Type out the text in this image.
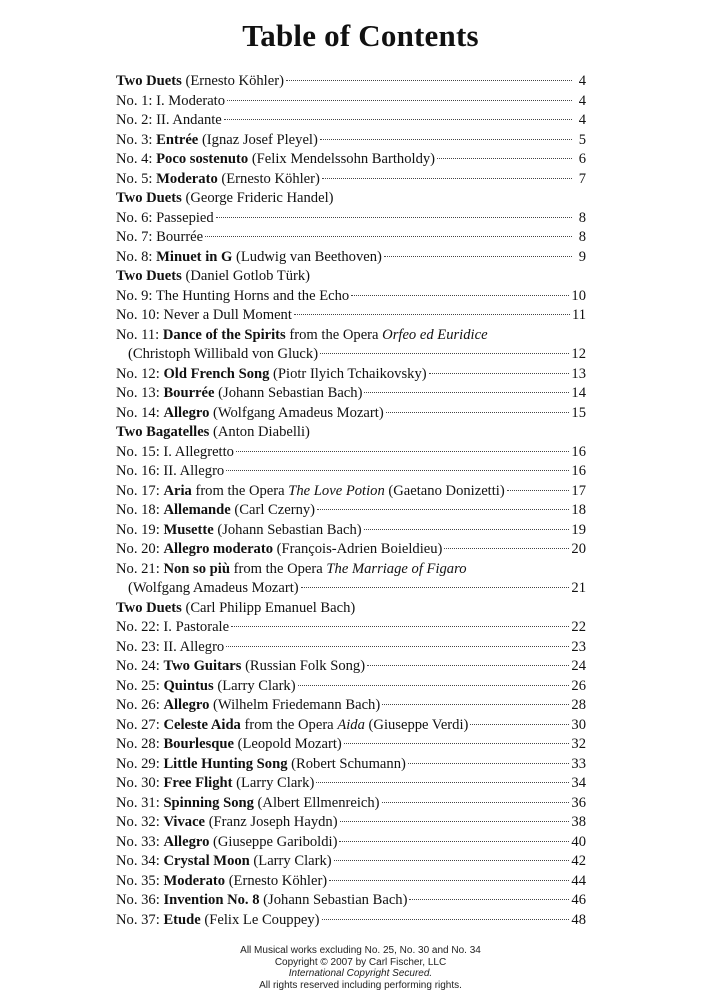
Table of Contents
Two Duets (Ernesto Köhler)	4
No. 1: I. Moderato	4
No. 2: II. Andante	4
No. 3: Entrée (Ignaz Josef Pleyel)	5
No. 4: Poco sostenuto (Felix Mendelssohn Bartholdy)	6
No. 5: Moderato (Ernesto Köhler)	7
Two Duets (George Frideric Handel)
No. 6: Passepied	8
No. 7: Bourrée	8
No. 8: Minuet in G (Ludwig van Beethoven)	9
Two Duets (Daniel Gotlob Türk)
No. 9: The Hunting Horns and the Echo	10
No. 10: Never a Dull Moment	11
No. 11: Dance of the Spirits from the Opera Orfeo ed Euridice
(Christoph Willibald von Gluck)	12
No. 12: Old French Song (Piotr Ilyich Tchaikovsky)	13
No. 13: Bourrée (Johann Sebastian Bach)	14
No. 14: Allegro (Wolfgang Amadeus Mozart)	15
Two Bagatelles (Anton Diabelli)
No. 15: I. Allegretto	16
No. 16: II. Allegro	16
No. 17: Aria from the Opera The Love Potion (Gaetano Donizetti)	17
No. 18: Allemande (Carl Czerny)	18
No. 19: Musette (Johann Sebastian Bach)	19
No. 20: Allegro moderato (François-Adrien Boieldieu)	20
No. 21: Non so più from the Opera The Marriage of Figaro
(Wolfgang Amadeus Mozart)	21
Two Duets (Carl Philipp Emanuel Bach)
No. 22: I. Pastorale	22
No. 23: II. Allegro	23
No. 24: Two Guitars (Russian Folk Song)	24
No. 25: Quintus (Larry Clark)	26
No. 26: Allegro (Wilhelm Friedemann Bach)	28
No. 27: Celeste Aida from the Opera Aida (Giuseppe Verdi)	30
No. 28: Bourlesque (Leopold Mozart)	32
No. 29: Little Hunting Song (Robert Schumann)	33
No. 30: Free Flight (Larry Clark)	34
No. 31: Spinning Song (Albert Ellmenreich)	36
No. 32: Vivace (Franz Joseph Haydn)	38
No. 33: Allegro (Giuseppe Gariboldi)	40
No. 34: Crystal Moon (Larry Clark)	42
No. 35: Moderato (Ernesto Köhler)	44
No. 36: Invention No. 8 (Johann Sebastian Bach)	46
No. 37: Etude (Felix Le Couppey)	48
All Musical works excluding No. 25, No. 30 and No. 34
Copyright © 2007 by Carl Fischer, LLC
International Copyright Secured.
All rights reserved including performing rights.
